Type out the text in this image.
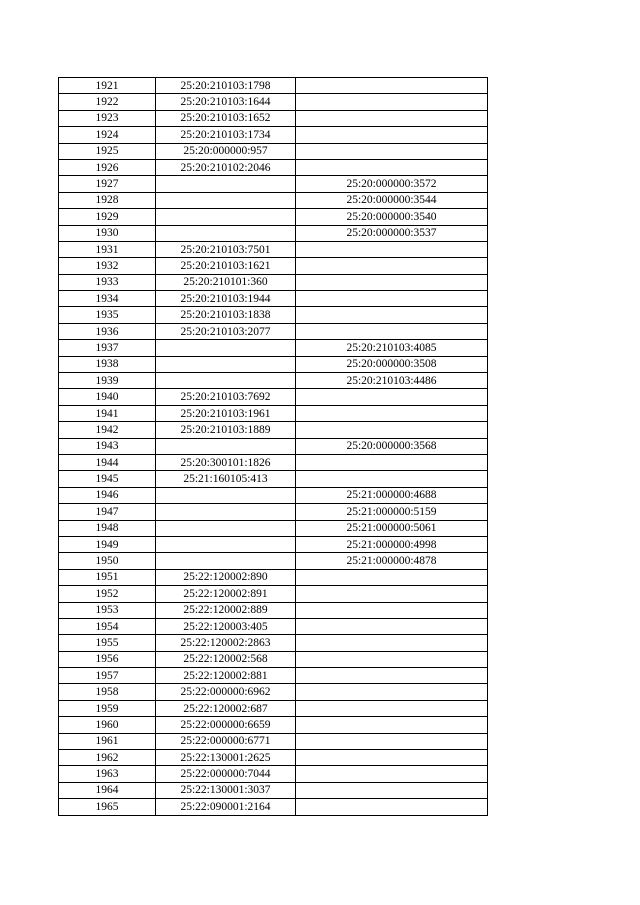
1921	25:20:210103:1798	
1922	25:20:210103:1644	
1923	25:20:210103:1652	
1924	25:20:210103:1734	
1925	25:20:000000:957	
1926	25:20:210102:2046	
1927		25:20:000000:3572
1928		25:20:000000:3544
1929		25:20:000000:3540
1930		25:20:000000:3537
1931	25:20:210103:7501	
1932	25:20:210103:1621	
1933	25:20:210101:360	
1934	25:20:210103:1944	
1935	25:20:210103:1838	
1936	25:20:210103:2077	
1937		25:20:210103:4085
1938		25:20:000000:3508
1939		25:20:210103:4486
1940	25:20:210103:7692	
1941	25:20:210103:1961	
1942	25:20:210103:1889	
1943		25:20:000000:3568
1944	25:20:300101:1826	
1945	25:21:160105:413	
1946		25:21:000000:4688
1947		25:21:000000:5159
1948		25:21:000000:5061
1949		25:21:000000:4998
1950		25:21:000000:4878
1951	25:22:120002:890	
1952	25:22:120002:891	
1953	25:22:120002:889	
1954	25:22:120003:405	
1955	25:22:120002:2863	
1956	25:22:120002:568	
1957	25:22:120002:881	
1958	25:22:000000:6962	
1959	25:22:120002:687	
1960	25:22:000000:6659	
1961	25:22:000000:6771	
1962	25:22:130001:2625	
1963	25:22:000000:7044	
1964	25:22:130001:3037	
1965	25:22:090001:2164	
